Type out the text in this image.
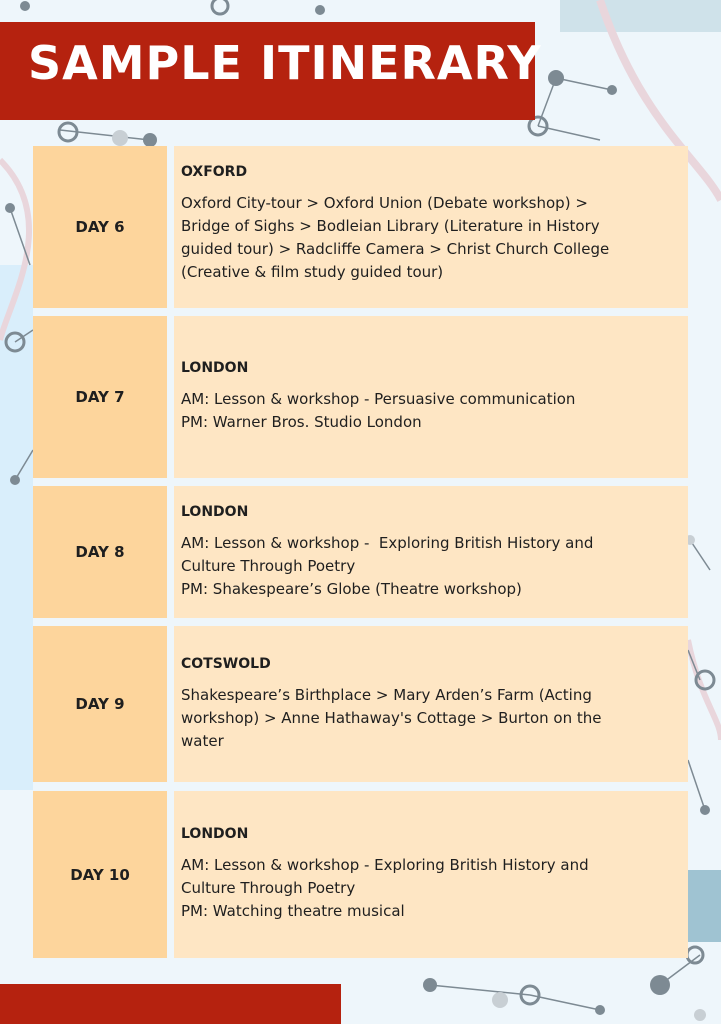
SAMPLE ITINERARY
DAY 6
OXFORD
Oxford City-tour > Oxford Union (Debate workshop) >
Bridge of Sighs > Bodleian Library (Literature in History
guided tour) > Radcliffe Camera > Christ Church College
(Creative & film study guided tour)
DAY 7
LONDON
AM: Lesson & workshop - Persuasive communication
PM: Warner Bros. Studio London
DAY 8
LONDON
AM: Lesson & workshop -  Exploring British History and
Culture Through Poetry
PM: Shakespeare’s Globe (Theatre workshop)
DAY 9
COTSWOLD
Shakespeare’s Birthplace > Mary Arden’s Farm (Acting
workshop) > Anne Hathaway's Cottage > Burton on the
water
DAY 10
LONDON
AM: Lesson & workshop - Exploring British History and
Culture Through Poetry
PM: Watching theatre musical
